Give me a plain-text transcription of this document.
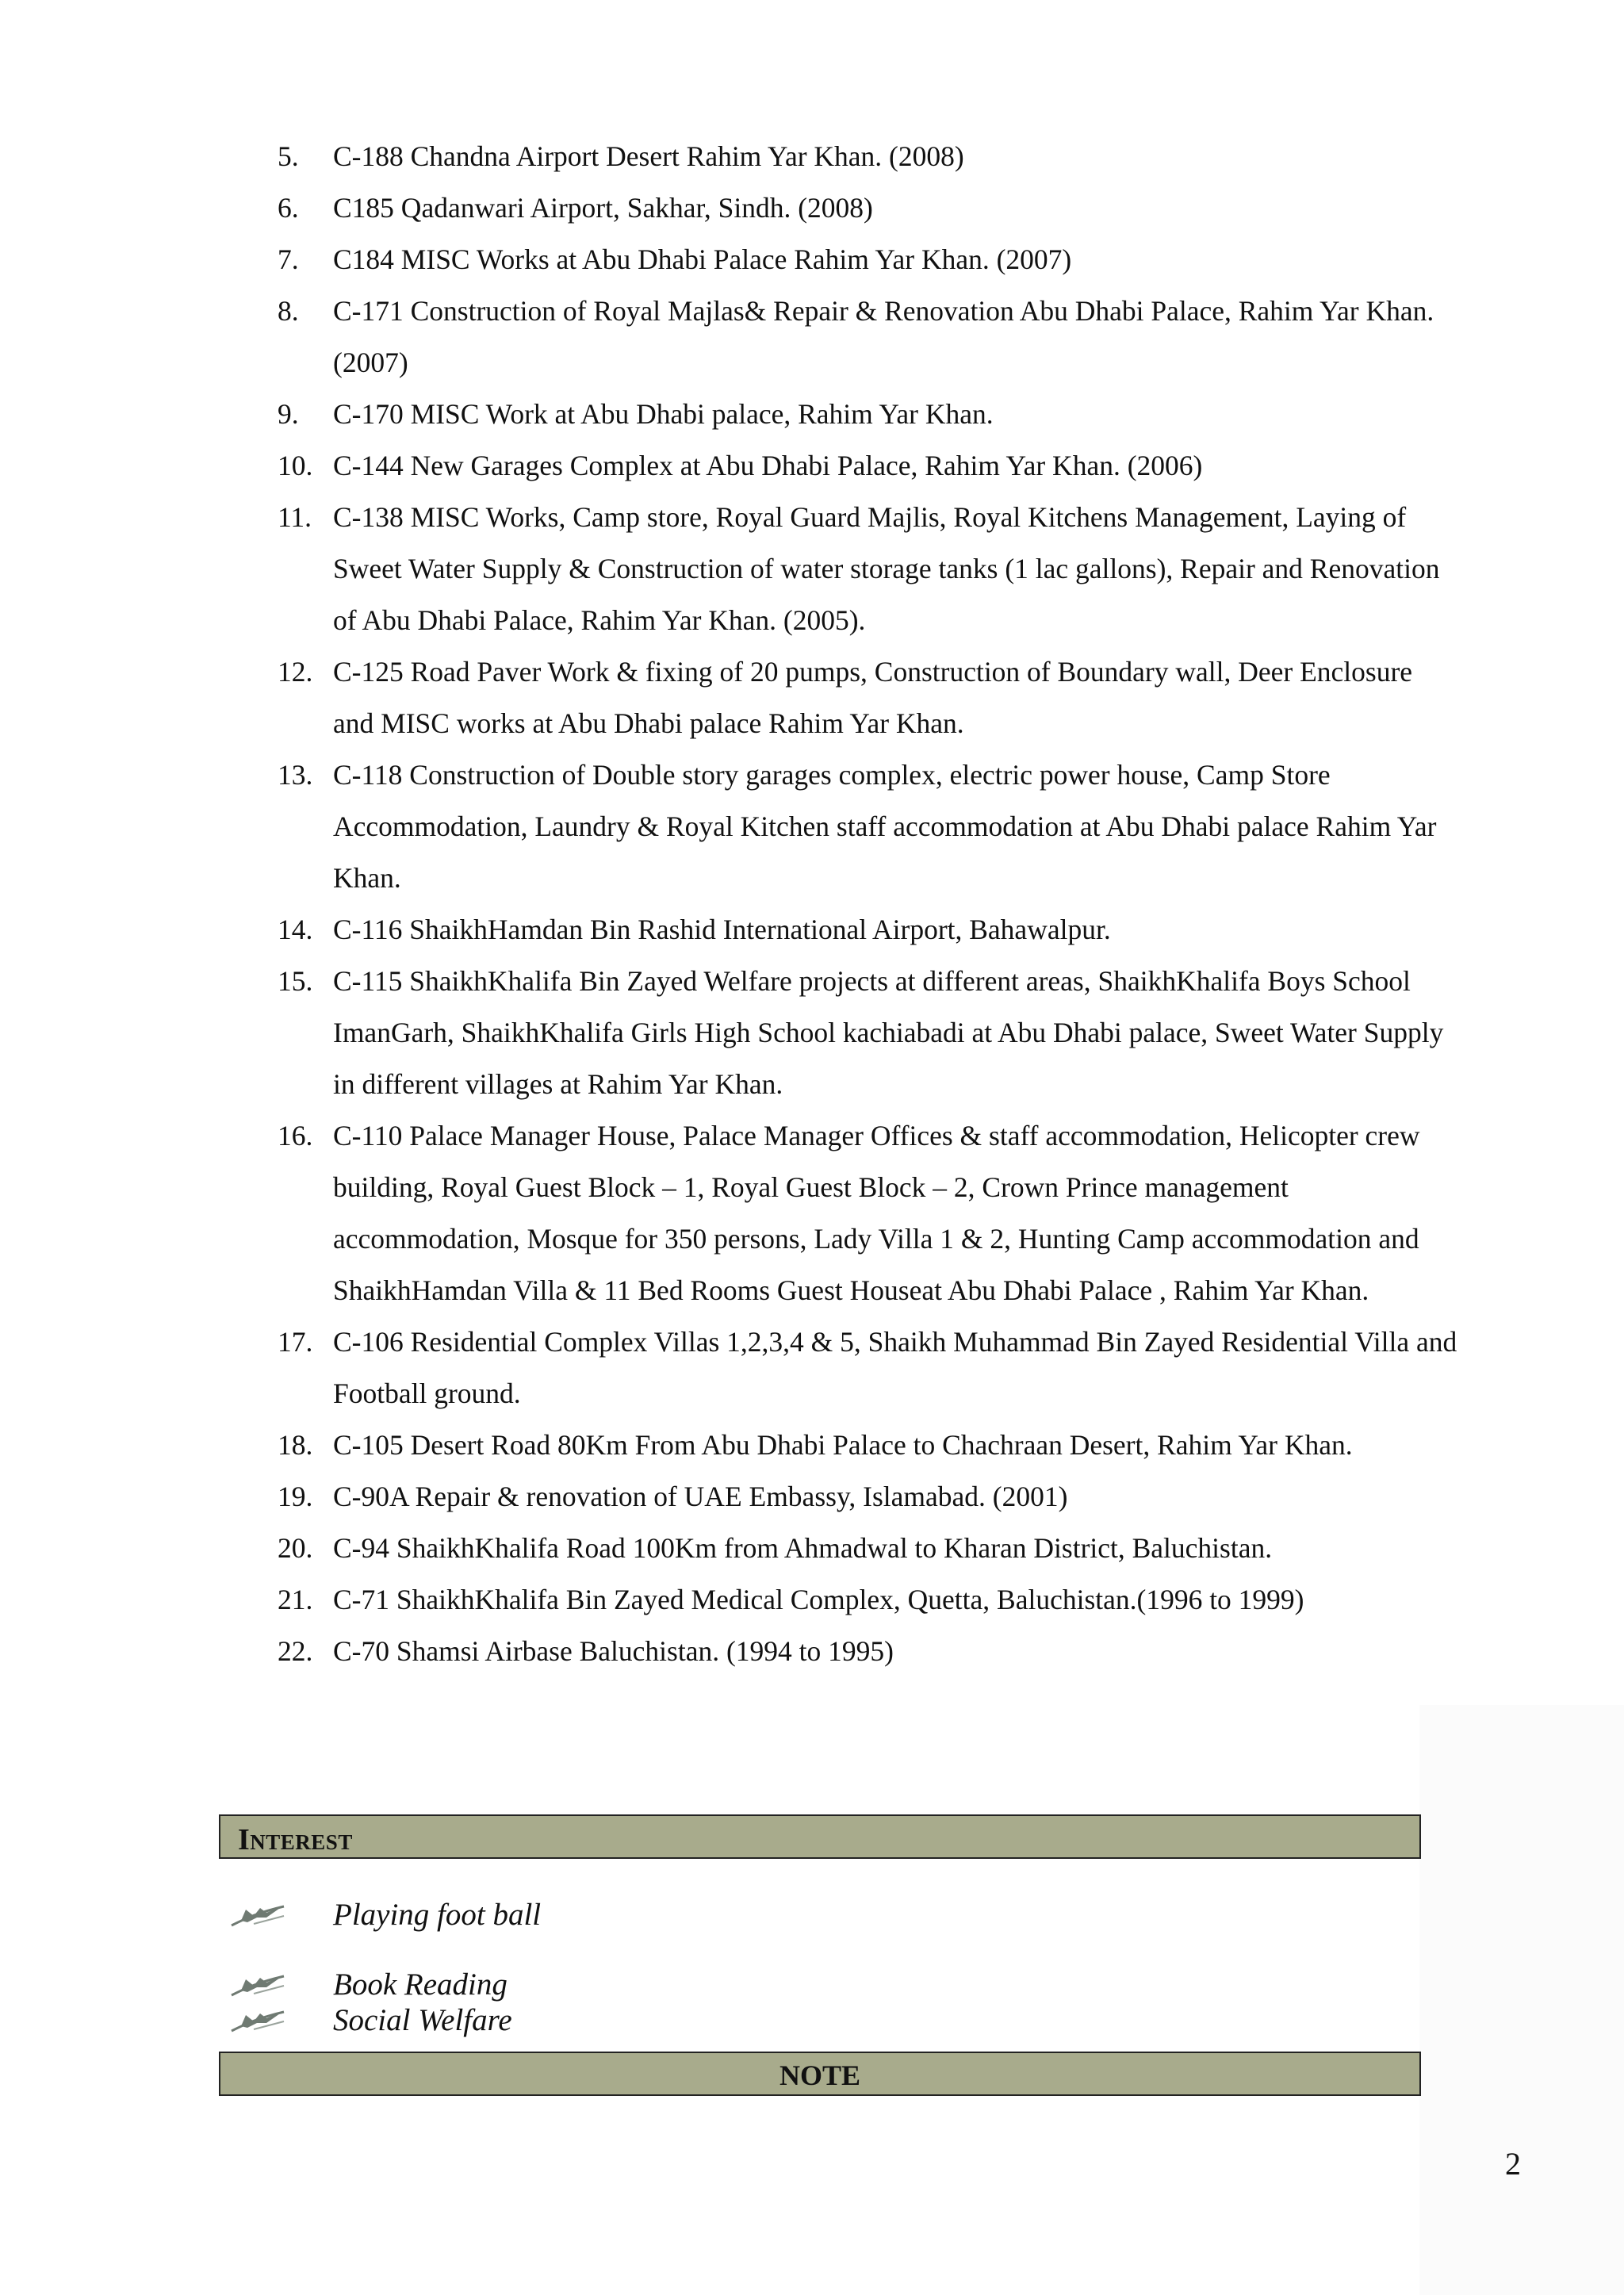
5.	C-188 Chandna Airport Desert Rahim Yar Khan. (2008)
6.	C185 Qadanwari Airport, Sakhar, Sindh. (2008)
7.	C184 MISC Works at Abu Dhabi Palace Rahim Yar Khan. (2007)
8.	C-171 Construction of Royal Majlas& Repair & Renovation Abu Dhabi Palace, Rahim Yar Khan. (2007)
9.	C-170 MISC Work at Abu Dhabi palace, Rahim Yar Khan.
10. C-144 New Garages Complex at Abu Dhabi Palace, Rahim Yar Khan. (2006)
11. C-138 MISC Works, Camp store, Royal Guard Majlis, Royal Kitchens Management, Laying of Sweet Water Supply & Construction of water storage tanks (1 lac gallons), Repair and Renovation of Abu Dhabi Palace, Rahim Yar Khan. (2005).
12. C-125 Road Paver Work & fixing of 20 pumps, Construction of Boundary wall, Deer Enclosure and MISC works at Abu Dhabi palace Rahim Yar Khan.
13. C-118 Construction of Double story garages complex, electric power house, Camp Store Accommodation, Laundry & Royal Kitchen staff accommodation at Abu Dhabi palace Rahim Yar Khan.
14. C-116 ShaikhHamdan Bin Rashid International Airport, Bahawalpur.
15. C-115 ShaikhKhalifa Bin Zayed Welfare projects at different areas, ShaikhKhalifa Boys School ImanGarh, ShaikhKhalifa Girls High School kachiabadi at Abu Dhabi palace, Sweet Water Supply in different villages at Rahim Yar Khan.
16. C-110 Palace Manager House, Palace Manager Offices & staff accommodation, Helicopter crew building, Royal Guest Block – 1, Royal Guest Block – 2, Crown Prince management accommodation, Mosque for 350 persons, Lady Villa 1 & 2, Hunting Camp accommodation and ShaikhHamdan Villa & 11 Bed Rooms Guest Houseat Abu Dhabi Palace , Rahim Yar Khan.
17. C-106 Residential Complex Villas 1,2,3,4 & 5, Shaikh Muhammad Bin Zayed Residential Villa and Football ground.
18. C-105 Desert Road 80Km From Abu Dhabi Palace to Chachraan Desert, Rahim Yar Khan.
19. C-90A Repair & renovation of UAE Embassy, Islamabad. (2001)
20. C-94 ShaikhKhalifa Road 100Km from Ahmadwal to Kharan District, Baluchistan.
21. C-71 ShaikhKhalifa Bin Zayed Medical Complex, Quetta, Baluchistan.(1996 to 1999)
22. C-70 Shamsi Airbase Baluchistan. (1994 to 1995)
Interest
Playing foot ball
Book Reading
Social Welfare
NOTE
2
